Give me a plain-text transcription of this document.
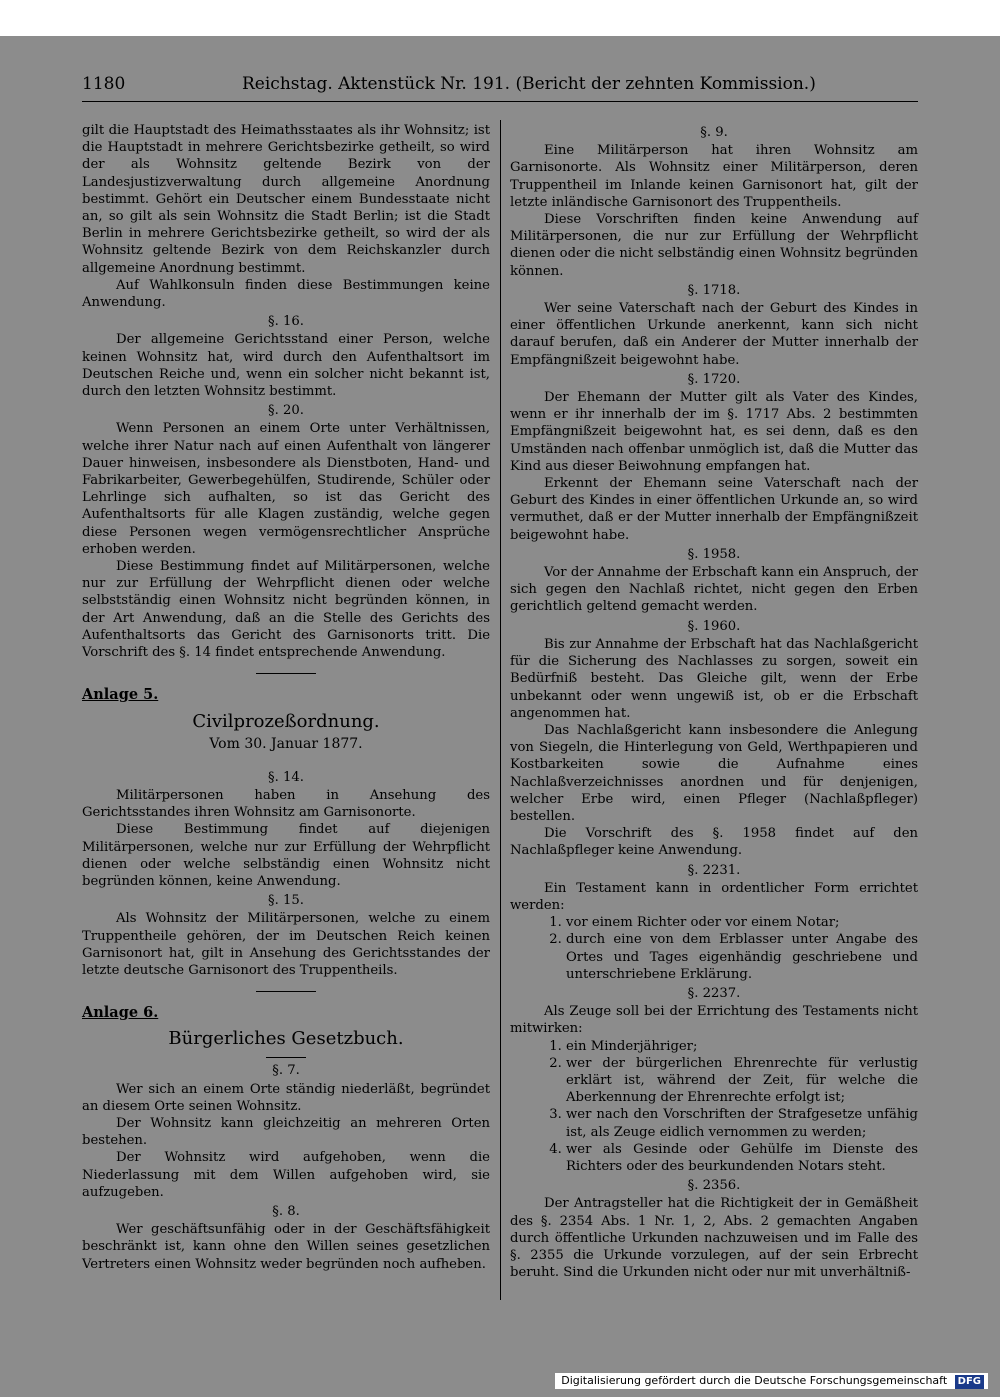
1180	Reichstag. Aktenstück Nr. 191. (Bericht der zehnten Kommission.)

gilt die Hauptstadt des Heimathsstaates als ihr Wohnsitz; ist die Hauptstadt in mehrere Gerichtsbezirke getheilt, so wird der als Wohnsitz geltende Bezirk von der Landesjustizverwaltung durch allgemeine Anordnung bestimmt. Gehört ein Deutscher einem Bundesstaate nicht an, so gilt als sein Wohnsitz die Stadt Berlin; ist die Stadt Berlin in mehrere Gerichtsbezirke getheilt, so wird der als Wohnsitz geltende Bezirk von dem Reichskanzler durch allgemeine Anordnung bestimmt.

Auf Wahlkonsuln finden diese Bestimmungen keine Anwendung.

§. 16.

Der allgemeine Gerichtsstand einer Person, welche keinen Wohnsitz hat, wird durch den Aufenthaltsort im Deutschen Reiche und, wenn ein solcher nicht bekannt ist, durch den letzten Wohnsitz bestimmt.

§. 20.

Wenn Personen an einem Orte unter Verhältnissen, welche ihrer Natur nach auf einen Aufenthalt von längerer Dauer hinweisen, insbesondere als Dienstboten, Hand- und Fabrikarbeiter, Gewerbegehülfen, Studirende, Schüler oder Lehrlinge sich aufhalten, so ist das Gericht des Aufenthaltsorts für alle Klagen zuständig, welche gegen diese Personen wegen vermögensrechtlicher Ansprüche erhoben werden.

Diese Bestimmung findet auf Militärpersonen, welche nur zur Erfüllung der Wehrpflicht dienen oder welche selbstständig einen Wohnsitz nicht begründen können, in der Art Anwendung, daß an die Stelle des Gerichts des Aufenthaltsorts das Gericht des Garnisonorts tritt. Die Vorschrift des §. 14 findet entsprechende Anwendung.

Anlage 5.
Civilprozeßordnung.
Vom 30. Januar 1877.
§. 14.

Militärpersonen haben in Ansehung des Gerichtsstandes ihren Wohnsitz am Garnisonorte.

Diese Bestimmung findet auf diejenigen Militärpersonen, welche nur zur Erfüllung der Wehrpflicht dienen oder welche selbständig einen Wohnsitz nicht begründen können, keine Anwendung.

§. 15.

Als Wohnsitz der Militärpersonen, welche zu einem Truppentheile gehören, der im Deutschen Reich keinen Garnisonort hat, gilt in Ansehung des Gerichtsstandes der letzte deutsche Garnisonort des Truppentheils.

Anlage 6.
Bürgerliches Gesetzbuch.
§. 7.

Wer sich an einem Orte ständig niederläßt, begründet an diesem Orte seinen Wohnsitz.

Der Wohnsitz kann gleichzeitig an mehreren Orten bestehen.

Der Wohnsitz wird aufgehoben, wenn die Niederlassung mit dem Willen aufgehoben wird, sie aufzugeben.

§. 8.

Wer geschäftsunfähig oder in der Geschäftsfähigkeit beschränkt ist, kann ohne den Willen seines gesetzlichen Vertreters einen Wohnsitz weder begründen noch aufheben.

§. 9.

Eine Militärperson hat ihren Wohnsitz am Garnisonorte. Als Wohnsitz einer Militärperson, deren Truppentheil im Inlande keinen Garnisonort hat, gilt der letzte inländische Garnisonort des Truppentheils.

Diese Vorschriften finden keine Anwendung auf Militärpersonen, die nur zur Erfüllung der Wehrpflicht dienen oder die nicht selbständig einen Wohnsitz begründen können.

§. 1718.

Wer seine Vaterschaft nach der Geburt des Kindes in einer öffentlichen Urkunde anerkennt, kann sich nicht darauf berufen, daß ein Anderer der Mutter innerhalb der Empfängnißzeit beigewohnt habe.

§. 1720.

Der Ehemann der Mutter gilt als Vater des Kindes, wenn er ihr innerhalb der im §. 1717 Abs. 2 bestimmten Empfängnißzeit beigewohnt hat, es sei denn, daß es den Umständen nach offenbar unmöglich ist, daß die Mutter das Kind aus dieser Beiwohnung empfangen hat.

Erkennt der Ehemann seine Vaterschaft nach der Geburt des Kindes in einer öffentlichen Urkunde an, so wird vermuthet, daß er der Mutter innerhalb der Empfängnißzeit beigewohnt habe.

§. 1958.

Vor der Annahme der Erbschaft kann ein Anspruch, der sich gegen den Nachlaß richtet, nicht gegen den Erben gerichtlich geltend gemacht werden.

§. 1960.

Bis zur Annahme der Erbschaft hat das Nachlaßgericht für die Sicherung des Nachlasses zu sorgen, soweit ein Bedürfniß besteht. Das Gleiche gilt, wenn der Erbe unbekannt oder wenn ungewiß ist, ob er die Erbschaft angenommen hat.

Das Nachlaßgericht kann insbesondere die Anlegung von Siegeln, die Hinterlegung von Geld, Werthpapieren und Kostbarkeiten sowie die Aufnahme eines Nachlaßverzeichnisses anordnen und für denjenigen, welcher Erbe wird, einen Pfleger (Nachlaßpfleger) bestellen.

Die Vorschrift des §. 1958 findet auf den Nachlaßpfleger keine Anwendung.

§. 2231.

Ein Testament kann in ordentlicher Form errichtet werden:

1. vor einem Richter oder vor einem Notar;
2. durch eine von dem Erblasser unter Angabe des Ortes und Tages eigenhändig geschriebene und unterschriebene Erklärung.
§. 2237.

Als Zeuge soll bei der Errichtung des Testaments nicht mitwirken:

1. ein Minderjähriger;
2. wer der bürgerlichen Ehrenrechte für verlustig erklärt ist, während der Zeit, für welche die Aberkennung der Ehrenrechte erfolgt ist;
3. wer nach den Vorschriften der Strafgesetze unfähig ist, als Zeuge eidlich vernommen zu werden;
4. wer als Gesinde oder Gehülfe im Dienste des Richters oder des beurkundenden Notars steht.
§. 2356.

Der Antragsteller hat die Richtigkeit der in Gemäßheit des §. 2354 Abs. 1 Nr. 1, 2, Abs. 2 gemachten Angaben durch öffentliche Urkunden nachzuweisen und im Falle des §. 2355 die Urkunde vorzulegen, auf der sein Erbrecht beruht. Sind die Urkunden nicht oder nur mit unverhältniß-

Digitalisierung gefördert durch die Deutsche Forschungsgemeinschaft DFG
